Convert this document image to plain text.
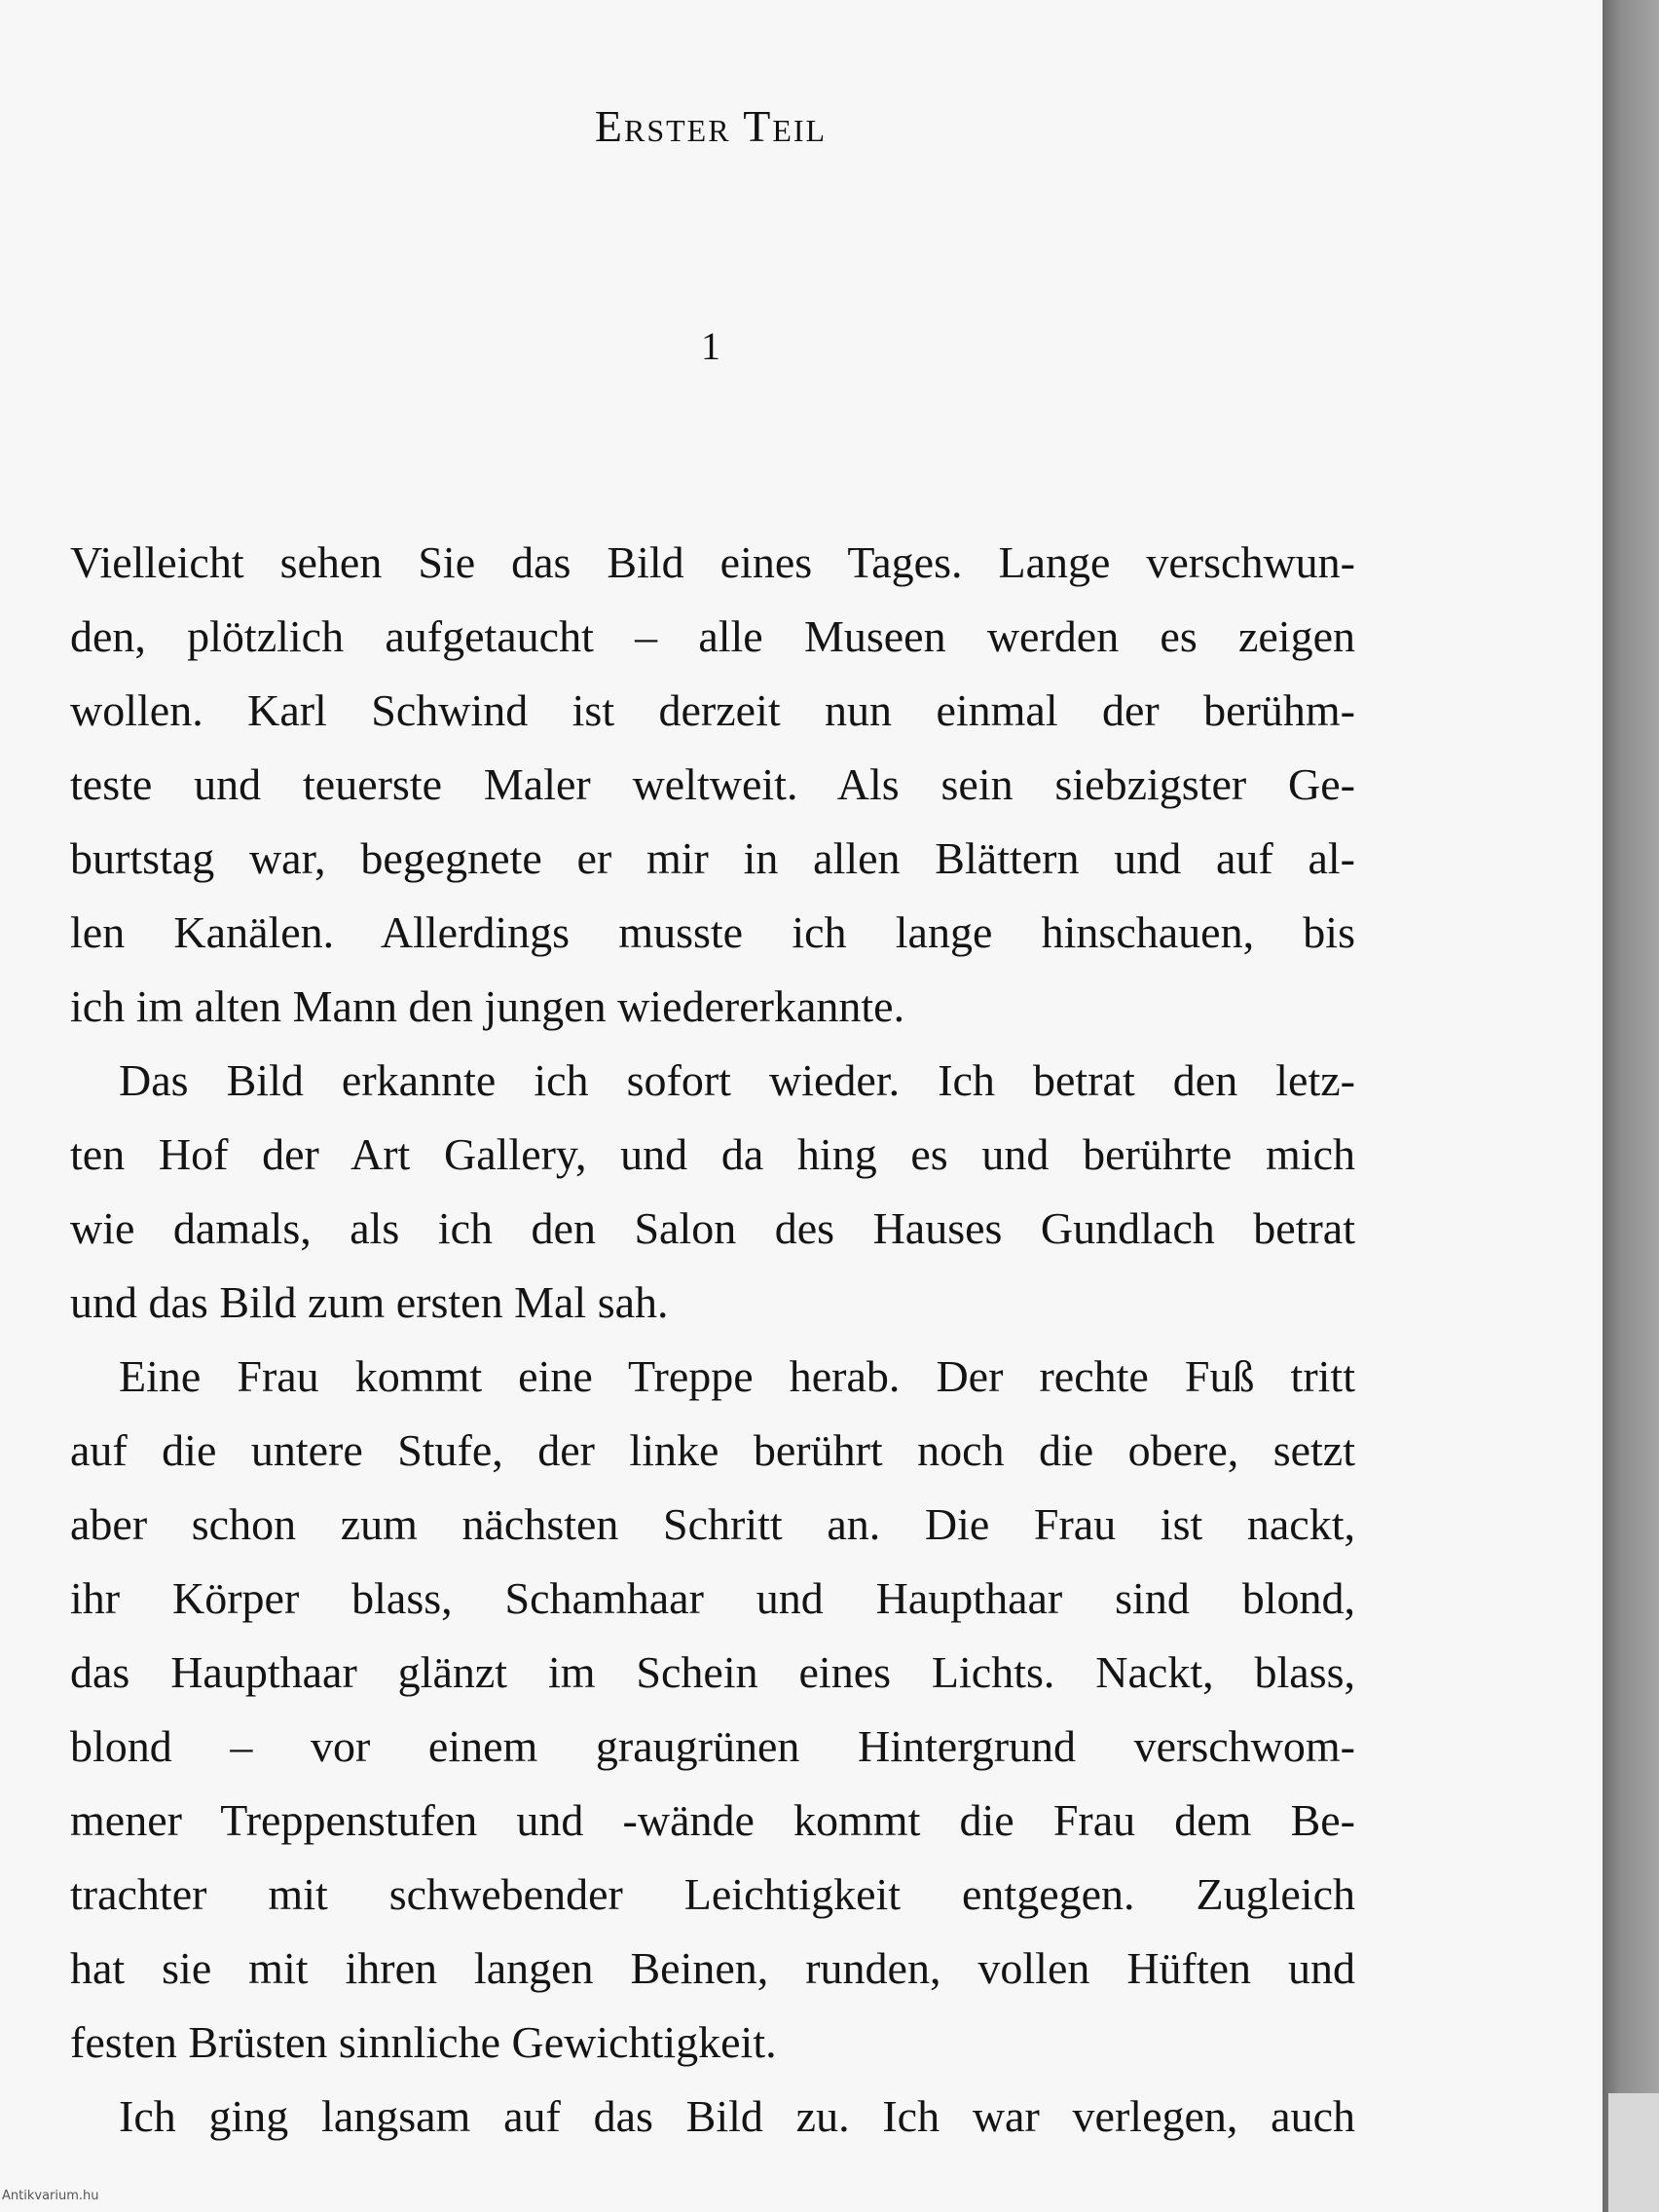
Erster Teil
1
Vielleicht sehen Sie das Bild eines Tages. Lange verschwun-
den, plötzlich aufgetaucht – alle Museen werden es zeigen
wollen. Karl Schwind ist derzeit nun einmal der berühm-
teste und teuerste Maler weltweit. Als sein siebzigster Ge-
burtstag war, begegnete er mir in allen Blättern und auf al-
len Kanälen. Allerdings musste ich lange hinschauen, bis
ich im alten Mann den jungen wiedererkannte.
Das Bild erkannte ich sofort wieder. Ich betrat den letz-
ten Hof der Art Gallery, und da hing es und berührte mich
wie damals, als ich den Salon des Hauses Gundlach betrat
und das Bild zum ersten Mal sah.
Eine Frau kommt eine Treppe herab. Der rechte Fuß tritt
auf die untere Stufe, der linke berührt noch die obere, setzt
aber schon zum nächsten Schritt an. Die Frau ist nackt,
ihr Körper blass, Schamhaar und Haupthaar sind blond,
das Haupthaar glänzt im Schein eines Lichts. Nackt, blass,
blond – vor einem graugrünen Hintergrund verschwom-
mener Treppenstufen und -wände kommt die Frau dem Be-
trachter mit schwebender Leichtigkeit entgegen. Zugleich
hat sie mit ihren langen Beinen, runden, vollen Hüften und
festen Brüsten sinnliche Gewichtigkeit.
Ich ging langsam auf das Bild zu. Ich war verlegen, auch
Antikvarium.hu
